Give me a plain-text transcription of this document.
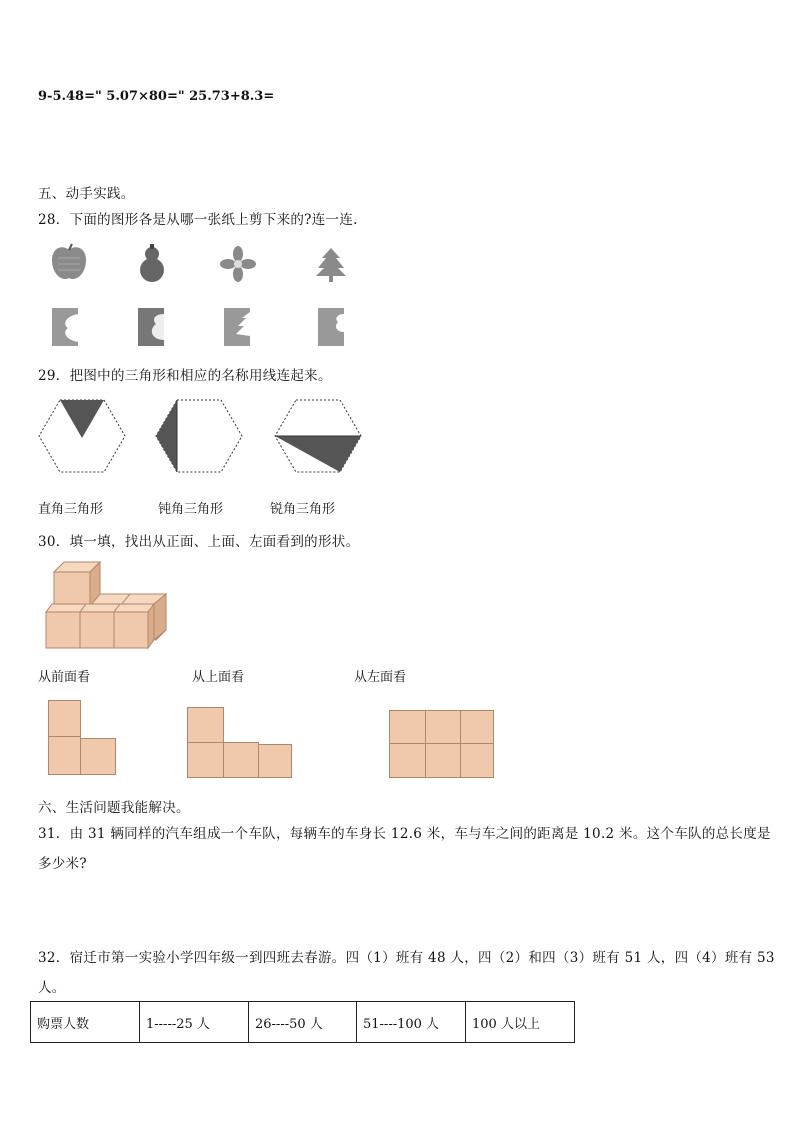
9-5.48=" 5.07×80=" 25.73+8.3=
五、动手实践。
28．下面的图形各是从哪一张纸上剪下来的?连一连.
29．把图中的三角形和相应的名称用线连起来。
直角三角形	钝角三角形	锐角三角形
30．填一填，找出从正面、上面、左面看到的形状。
从前面看	从上面看	从左面看
六、生活问题我能解决。
31．由 31 辆同样的汽车组成一个车队，每辆车的车身长 12.6 米，车与车之间的距离是 10.2 米。这个车队的总长度是
多少米?
32．宿迁市第一实验小学四年级一到四班去春游。四（1）班有 48 人，四（2）和四（3）班有 51 人，四（4）班有 53
人。
购票人数	1-----25 人	26----50 人	51----100 人	100 人以上
